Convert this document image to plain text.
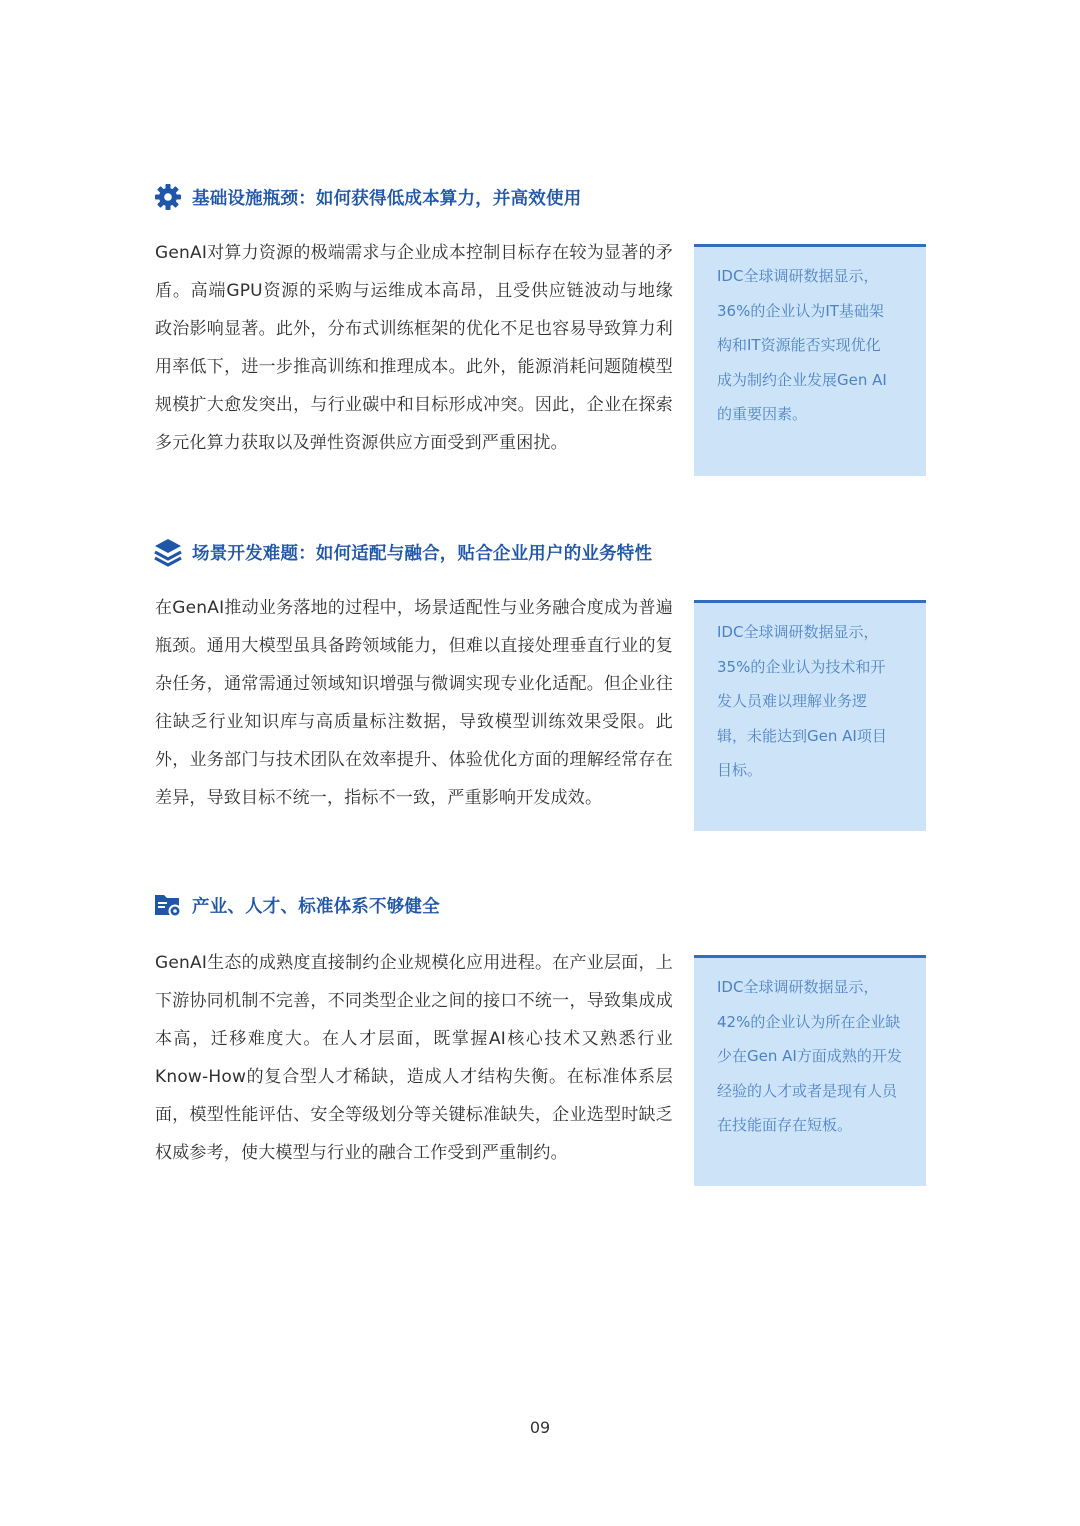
基础设施瓶颈：如何获得低成本算力，并高效使用
GenAI对算力资源的极端需求与企业成本控制目标存在较为显著的矛盾。高端GPU资源的采购与运维成本高昂，且受供应链波动与地缘政治影响显著。此外，分布式训练框架的优化不足也容易导致算力利用率低下，进一步推高训练和推理成本。此外，能源消耗问题随模型规模扩大愈发突出，与行业碳中和目标形成冲突。因此，企业在探索多元化算力获取以及弹性资源供应方面受到严重困扰。
IDC全球调研数据显示，
36%的企业认为IT基础架
构和IT资源能否实现优化
成为制约企业发展Gen AI
的重要因素。
场景开发难题：如何适配与融合，贴合企业用户的业务特性
在GenAI推动业务落地的过程中，场景适配性与业务融合度成为普遍瓶颈。通用大模型虽具备跨领域能力，但难以直接处理垂直行业的复杂任务，通常需通过领域知识增强与微调实现专业化适配。但企业往往缺乏行业知识库与高质量标注数据，导致模型训练效果受限。此外，业务部门与技术团队在效率提升、体验优化方面的理解经常存在差异，导致目标不统一，指标不一致，严重影响开发成效。
IDC全球调研数据显示，
35%的企业认为技术和开
发人员难以理解业务逻
辑，未能达到Gen AI项目
目标。
产业、人才、标准体系不够健全
GenAI生态的成熟度直接制约企业规模化应用进程。在产业层面，上下游协同机制不完善，不同类型企业之间的接口不统一，导致集成成本高，迁移难度大。在人才层面，既掌握AI核心技术又熟悉行业Know-How的复合型人才稀缺，造成人才结构失衡。在标准体系层面，模型性能评估、安全等级划分等关键标准缺失，企业选型时缺乏权威参考，使大模型与行业的融合工作受到严重制约。
IDC全球调研数据显示，
42%的企业认为所在企业缺
少在Gen AI方面成熟的开发
经验的人才或者是现有人员
在技能面存在短板。
09
